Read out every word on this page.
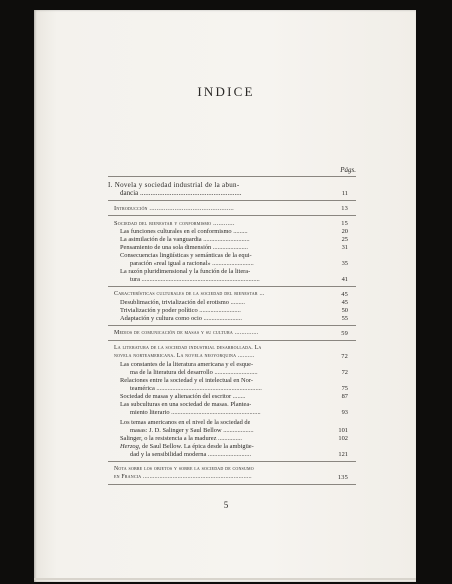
INDICE
Págs.
I. Novela y sociedad industrial de la abun-
dancia ..........................................................	11
Introducción ...............................................	13
Sociedad del bienestar y conformismo ............	15
Las funciones culturales en el conformismo .........	20
La asimilación de la vanguardia .............................	25
Pensamiento de una sola dimensión ......................	31
Consecuencias lingüísticas y semánticas de la equi-
paración «real igual a racional» ..........................	35
La razón pluridimensional y la función de la litera-
tura ..........................................................................	41
Características culturales de la sociedad del bienestar ...	45
Desublimación, trivialización del erotismo .........	45
Trivialización y poder político ..........................	50
Adaptación y cultura como ocio ........................	55
Medios de comunicación de masas y su cultura ..............	59
La literatura de la sociedad industrial desarrollada. La
novela norteamericana. La novela neoyorquina ..........	72
Las constantes de la literatura americana y el esque-
ma de la literatura del desarrollo ...........................	72
Relaciones entre la sociedad y el intelectual en Nor-
teamérica ..................................................................	75
Sociedad de masas y alienación del escritor ........	87
Las subculturas en una sociedad de masas. Plantea-
miento literario ........................................................	93
Los temas americanos en el nivel de la sociedad de
masas: J. D. Salinger y Saul Bellow ...................	101
Salinger, o la resistencia a la madurez ...............	102
Herzog, de Saul Bellow. La épica desde la ambigüe-
dad y la sensibilidad moderna ...........................	121
Nota sobre los objetos y sobre la sociedad de consumo
en Francia ..................................................................	135
5
